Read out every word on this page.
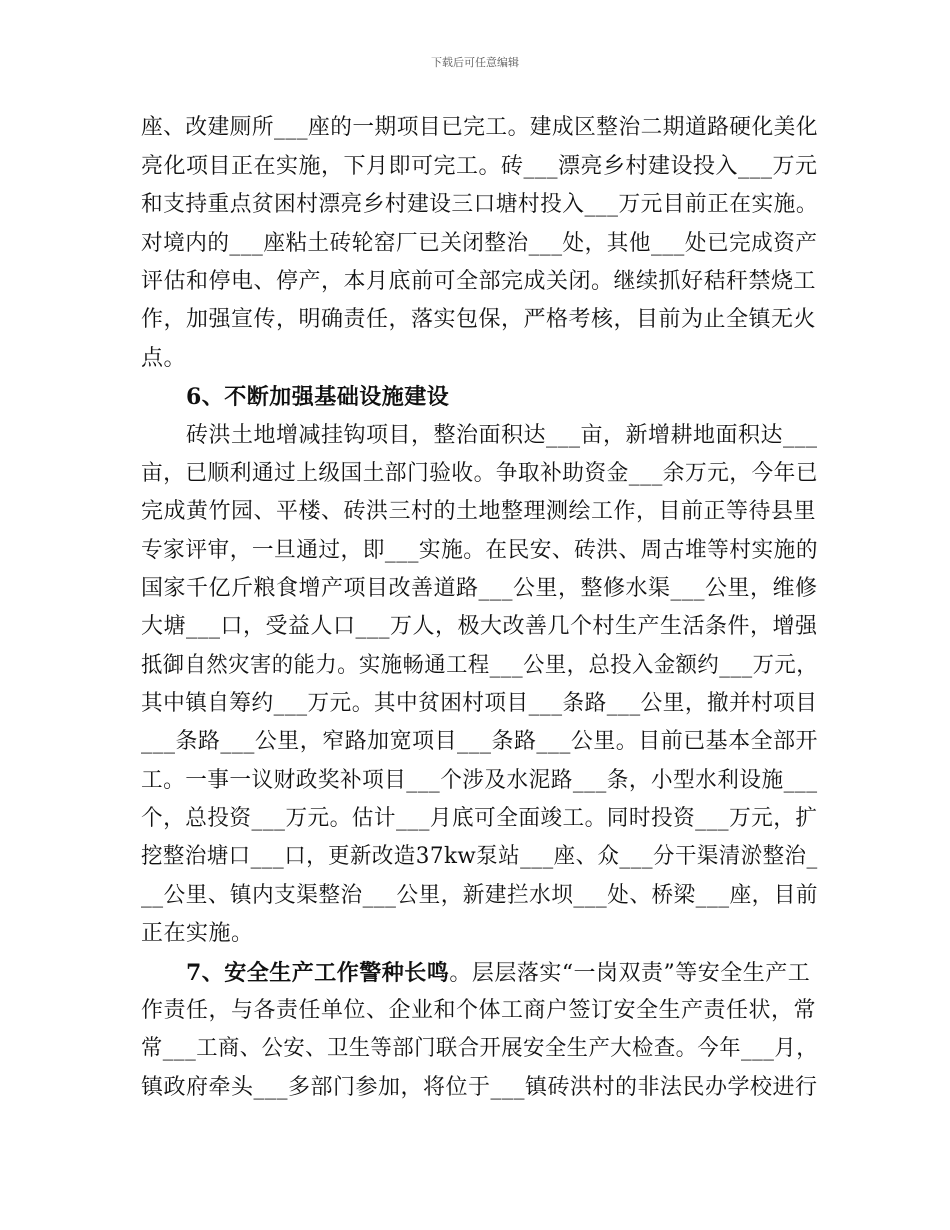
下载后可任意编辑
座、改建厕所___座的一期项目已完工。建成区整治二期道路硬化美化
亮化项目正在实施，下月即可完工。砖___漂亮乡村建设投入___万元
和支持重点贫困村漂亮乡村建设三口塘村投入___万元目前正在实施。
对境内的___座粘土砖轮窑厂已关闭整治___处，其他___处已完成资产
评估和停电、停产，本月底前可全部完成关闭。继续抓好秸秆禁烧工
作，加强宣传，明确责任，落实包保，严格考核，目前为止全镇无火
点。
6、不断加强基础设施建设
砖洪土地增减挂钩项目，整治面积达___亩，新增耕地面积达___
亩，已顺利通过上级国土部门验收。争取补助资金___余万元，今年已
完成黄竹园、平楼、砖洪三村的土地整理测绘工作，目前正等待县里
专家评审，一旦通过，即___实施。在民安、砖洪、周古堆等村实施的
国家千亿斤粮食增产项目改善道路___公里，整修水渠___公里，维修
大塘___口，受益人口___万人，极大改善几个村生产生活条件，增强
抵御自然灾害的能力。实施畅通工程___公里，总投入金额约___万元，
其中镇自筹约___万元。其中贫困村项目___条路___公里，撤并村项目
___条路___公里，窄路加宽项目___条路___公里。目前已基本全部开
工。一事一议财政奖补项目___个涉及水泥路___条，小型水利设施___
个，总投资___万元。估计___月底可全面竣工。同时投资___万元，扩
挖整治塘口___口，更新改造37kw泵站___座、众___分干渠清淤整治_
__公里、镇内支渠整治___公里，新建拦水坝___处、桥梁___座，目前
正在实施。
7、安全生产工作警种长鸣。层层落实“一岗双责”等安全生产工
作责任，与各责任单位、企业和个体工商户签订安全生产责任状，常
常___工商、公安、卫生等部门联合开展安全生产大检查。今年___月，
镇政府牵头___多部门参加，将位于___镇砖洪村的非法民办学校进行
